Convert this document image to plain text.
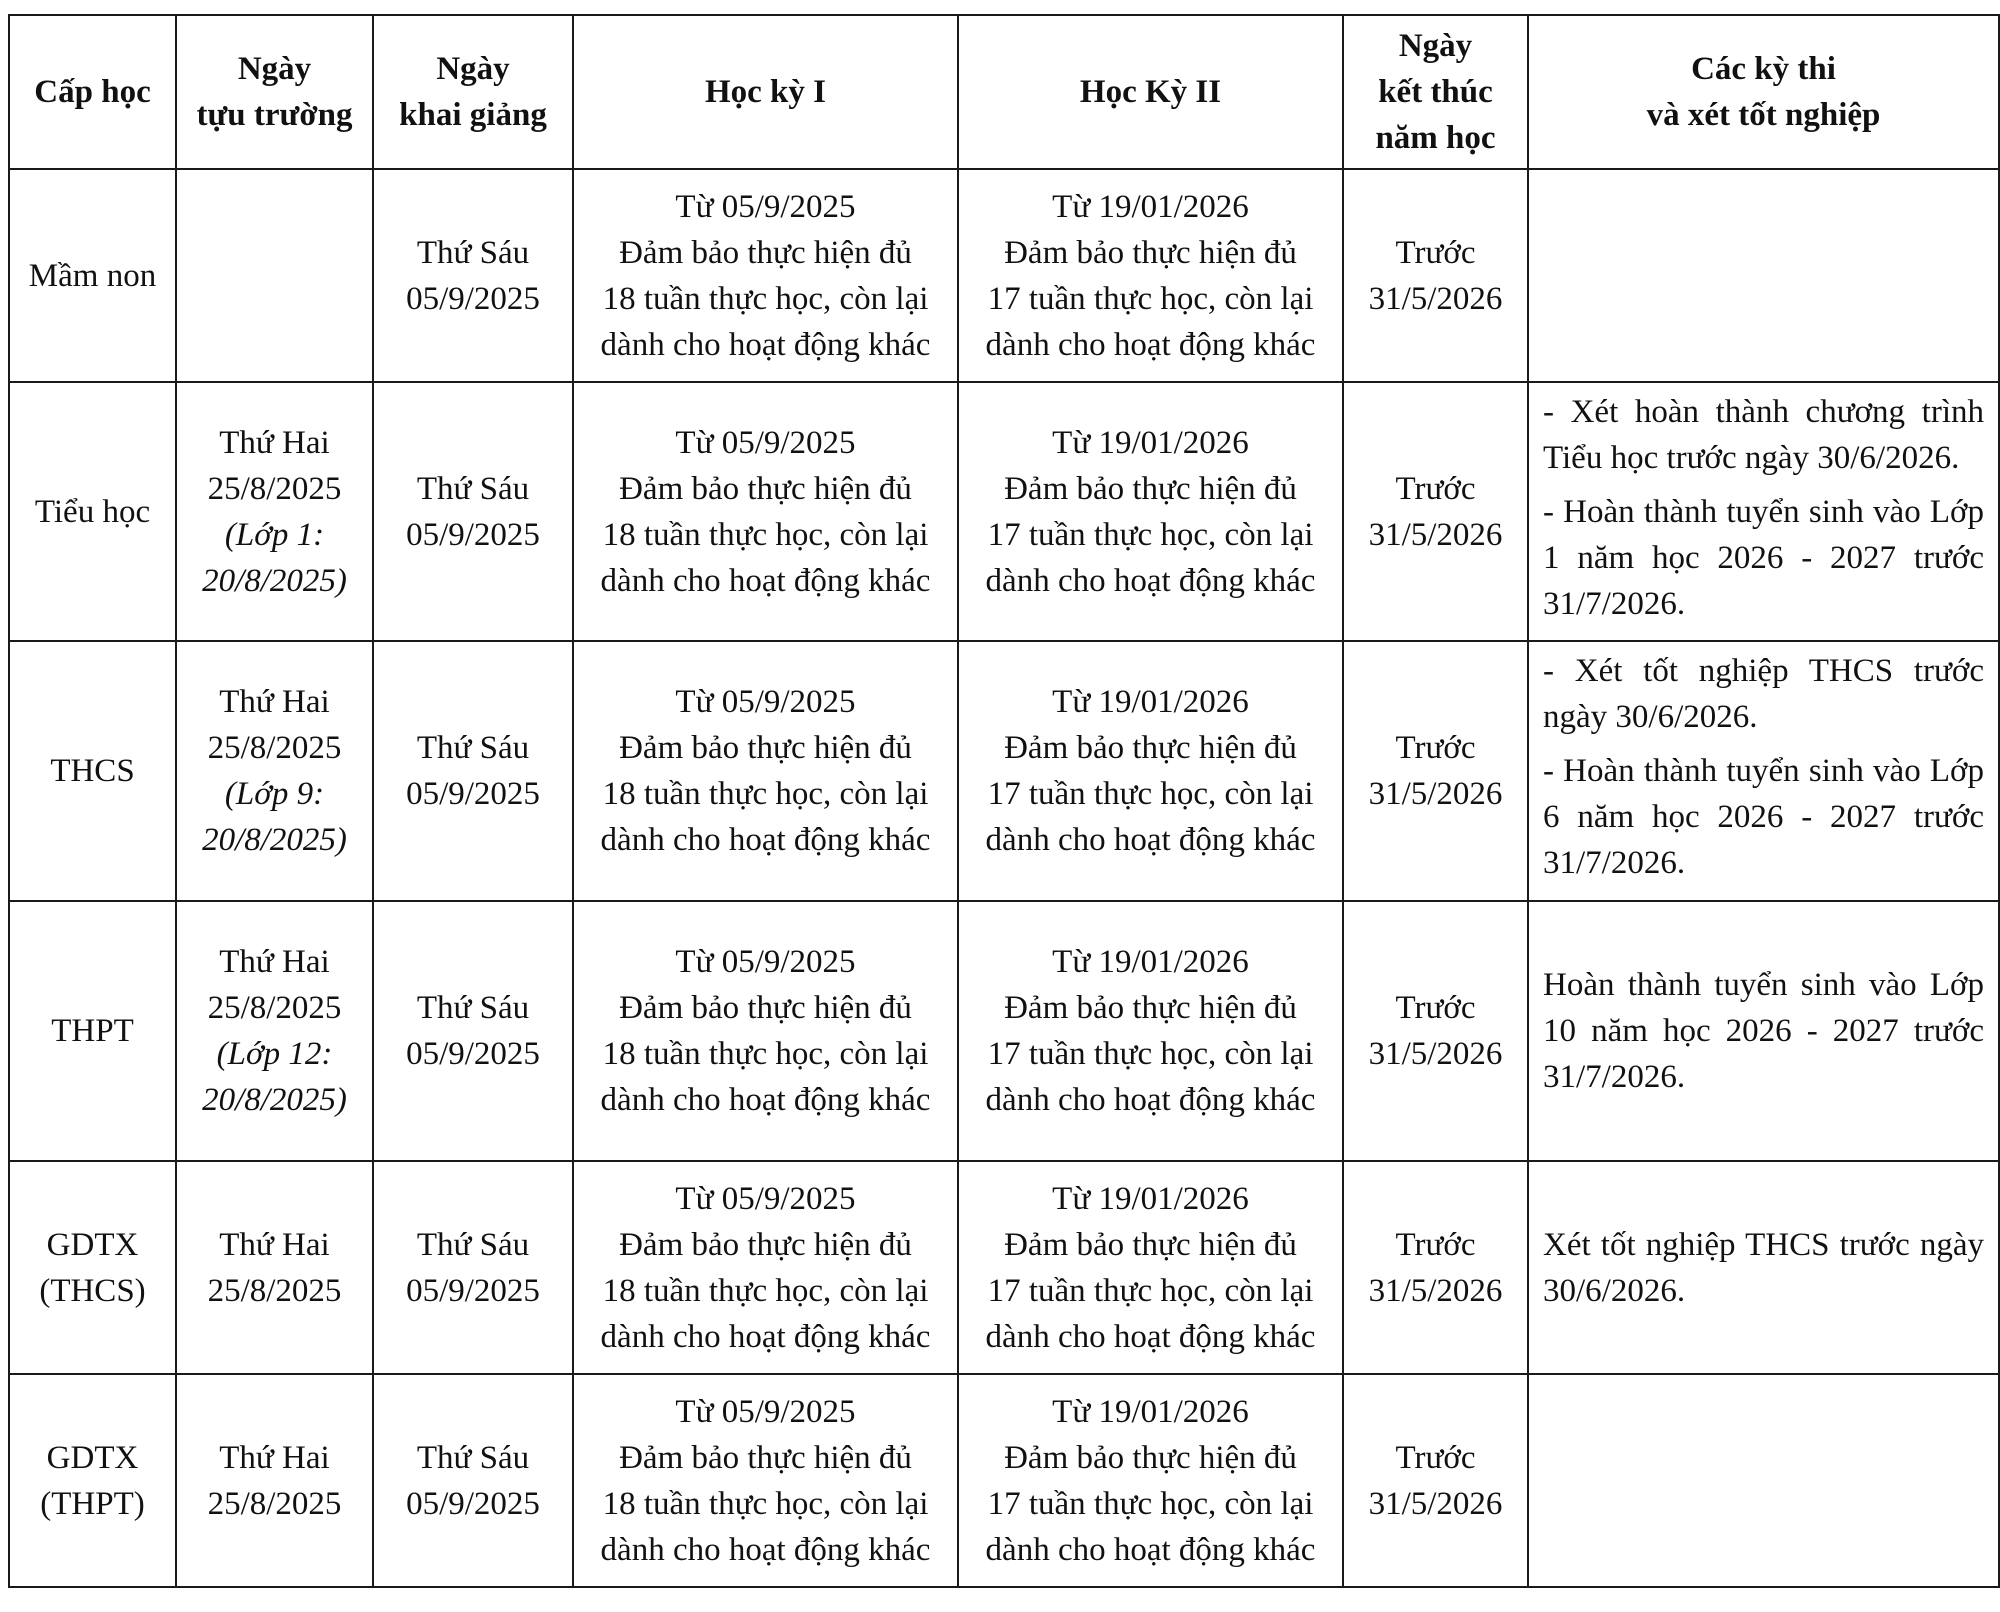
Cấp học	Ngày
tựu trường	Ngày
khai giảng	Học kỳ I	Học Kỳ II	Ngày
kết thúc
năm học	Các kỳ thi
và xét tốt nghiệp

Mầm non		Thứ Sáu
05/9/2025	Từ 05/9/2025
Đảm bảo thực hiện đủ
18 tuần thực học, còn lại
dành cho hoạt động khác	Từ 19/01/2026
Đảm bảo thực hiện đủ
17 tuần thực học, còn lại
dành cho hoạt động khác	Trước
31/5/2026	

Tiểu học	Thứ Hai
25/8/2025
(Lớp 1:
20/8/2025)	Thứ Sáu
05/9/2025	Từ 05/9/2025
Đảm bảo thực hiện đủ
18 tuần thực học, còn lại
dành cho hoạt động khác	Từ 19/01/2026
Đảm bảo thực hiện đủ
17 tuần thực học, còn lại
dành cho hoạt động khác	Trước
31/5/2026	- Xét hoàn thành chương trình Tiểu học trước ngày 30/6/2026.
- Hoàn thành tuyển sinh vào Lớp 1 năm học 2026 - 2027 trước 31/7/2026.

THCS	Thứ Hai
25/8/2025
(Lớp 9:
20/8/2025)	Thứ Sáu
05/9/2025	Từ 05/9/2025
Đảm bảo thực hiện đủ
18 tuần thực học, còn lại
dành cho hoạt động khác	Từ 19/01/2026
Đảm bảo thực hiện đủ
17 tuần thực học, còn lại
dành cho hoạt động khác	Trước
31/5/2026	- Xét tốt nghiệp THCS trước ngày 30/6/2026.
- Hoàn thành tuyển sinh vào Lớp 6 năm học 2026 - 2027 trước 31/7/2026.

THPT	Thứ Hai
25/8/2025
(Lớp 12:
20/8/2025)	Thứ Sáu
05/9/2025	Từ 05/9/2025
Đảm bảo thực hiện đủ
18 tuần thực học, còn lại
dành cho hoạt động khác	Từ 19/01/2026
Đảm bảo thực hiện đủ
17 tuần thực học, còn lại
dành cho hoạt động khác	Trước
31/5/2026	Hoàn thành tuyển sinh vào Lớp 10 năm học 2026 - 2027 trước 31/7/2026.

GDTX
(THCS)	Thứ Hai
25/8/2025	Thứ Sáu
05/9/2025	Từ 05/9/2025
Đảm bảo thực hiện đủ
18 tuần thực học, còn lại
dành cho hoạt động khác	Từ 19/01/2026
Đảm bảo thực hiện đủ
17 tuần thực học, còn lại
dành cho hoạt động khác	Trước
31/5/2026	Xét tốt nghiệp THCS trước ngày 30/6/2026.

GDTX
(THPT)	Thứ Hai
25/8/2025	Thứ Sáu
05/9/2025	Từ 05/9/2025
Đảm bảo thực hiện đủ
18 tuần thực học, còn lại
dành cho hoạt động khác	Từ 19/01/2026
Đảm bảo thực hiện đủ
17 tuần thực học, còn lại
dành cho hoạt động khác	Trước
31/5/2026	
